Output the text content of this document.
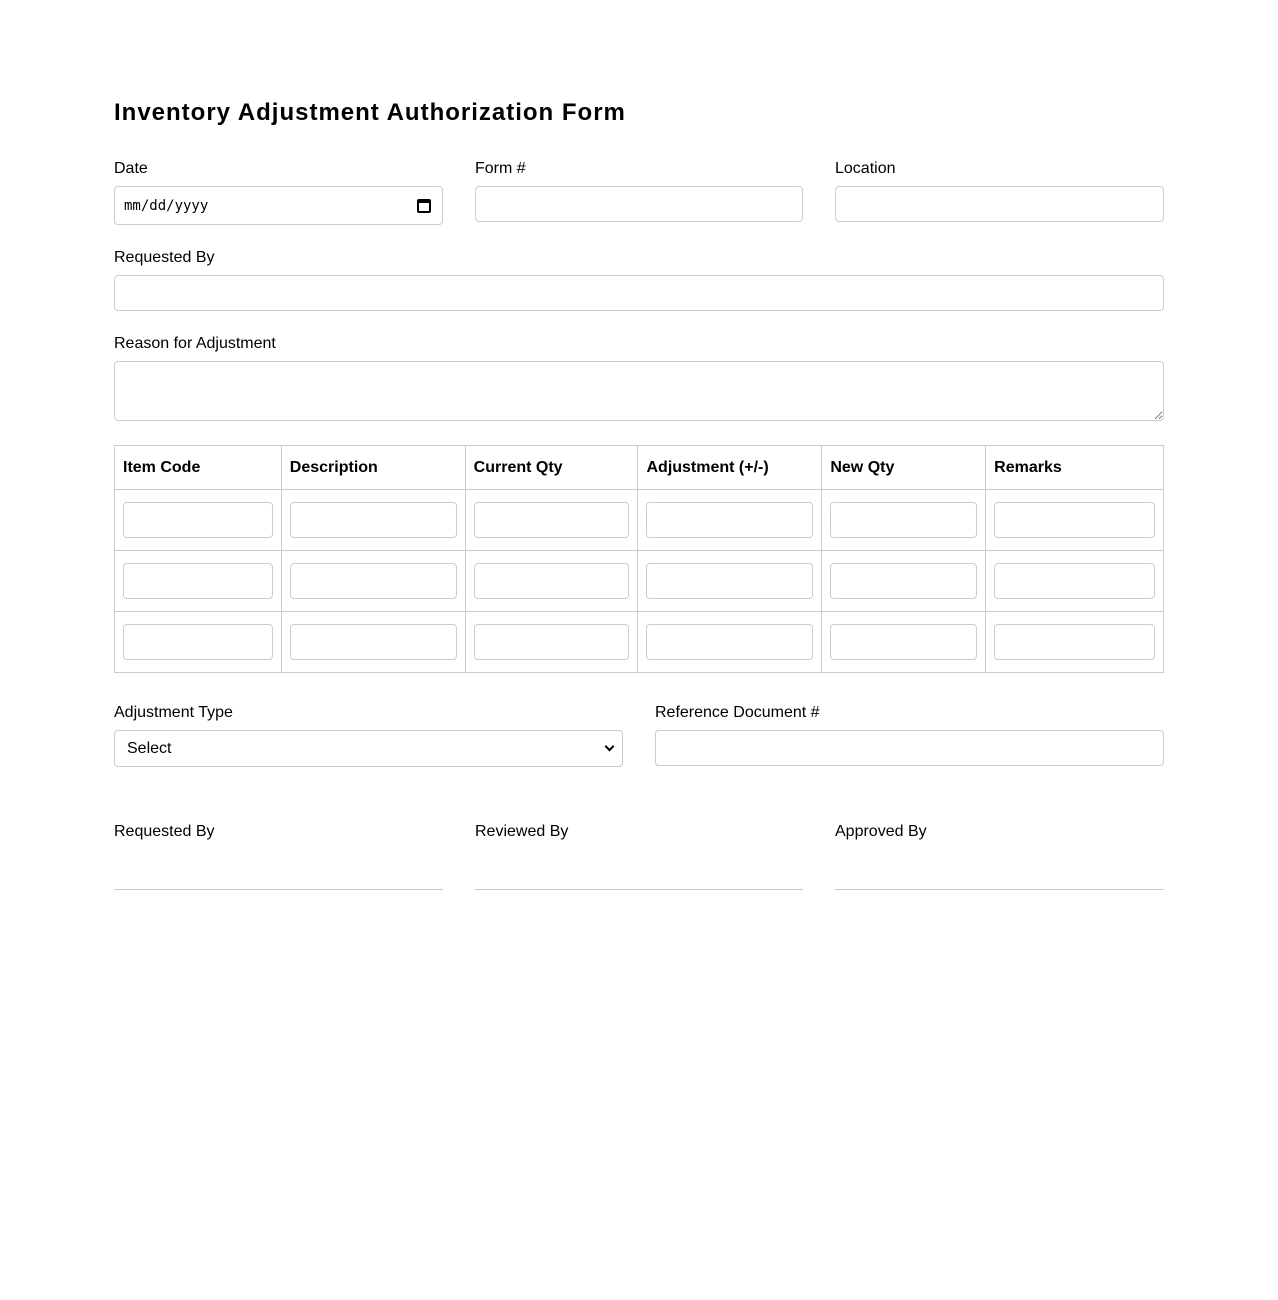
Inventory Adjustment Authorization Form
Date
mm/dd/yyyy
Form #	Location
Requested By
Reason for Adjustment
Item Code	Description	Current Qty	Adjustment (+/-)	New Qty	Remarks

Adjustment Type
Select
Reference Document #
Requested By	Reviewed By	Approved By
